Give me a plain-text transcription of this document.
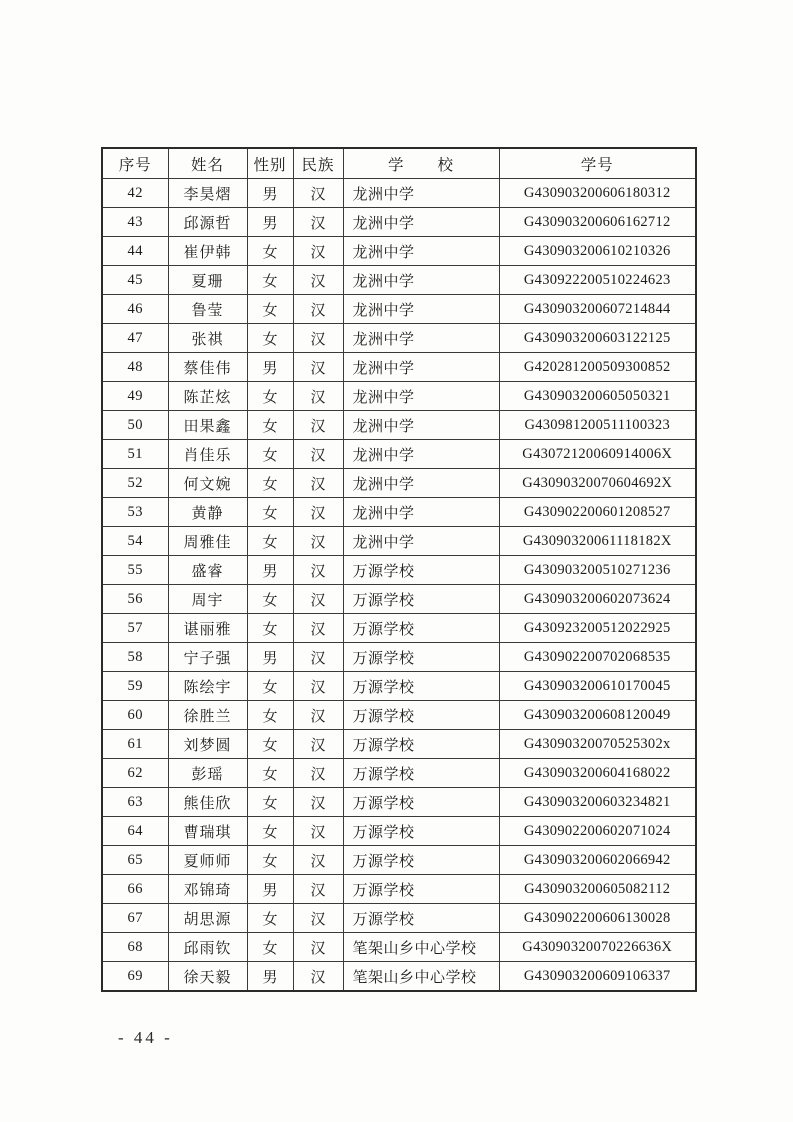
序号	姓名	性别	民族	学　　校	学号
42	李昊熠	男	汉	龙洲中学	G430903200606180312
43	邱源哲	男	汉	龙洲中学	G430903200606162712
44	崔伊韩	女	汉	龙洲中学	G430903200610210326
45	夏珊	女	汉	龙洲中学	G430922200510224623
46	鲁莹	女	汉	龙洲中学	G430903200607214844
47	张祺	女	汉	龙洲中学	G430903200603122125
48	蔡佳伟	男	汉	龙洲中学	G420281200509300852
49	陈芷炫	女	汉	龙洲中学	G430903200605050321
50	田果鑫	女	汉	龙洲中学	G430981200511100323
51	肖佳乐	女	汉	龙洲中学	G43072120060914006X
52	何文婉	女	汉	龙洲中学	G43090320070604692X
53	黄静	女	汉	龙洲中学	G430902200601208527
54	周雅佳	女	汉	龙洲中学	G43090320061118182X
55	盛睿	男	汉	万源学校	G430903200510271236
56	周宇	女	汉	万源学校	G430903200602073624
57	谌丽雅	女	汉	万源学校	G430923200512022925
58	宁子强	男	汉	万源学校	G430902200702068535
59	陈绘宇	女	汉	万源学校	G430903200610170045
60	徐胜兰	女	汉	万源学校	G430903200608120049
61	刘梦圆	女	汉	万源学校	G43090320070525302x
62	彭瑶	女	汉	万源学校	G430903200604168022
63	熊佳欣	女	汉	万源学校	G430903200603234821
64	曹瑞琪	女	汉	万源学校	G430902200602071024
65	夏师师	女	汉	万源学校	G430903200602066942
66	邓锦琦	男	汉	万源学校	G430903200605082112
67	胡思源	女	汉	万源学校	G430902200606130028
68	邱雨钦	女	汉	笔架山乡中心学校	G43090320070226636X
69	徐天毅	男	汉	笔架山乡中心学校	G430903200609106337
- 44 -
